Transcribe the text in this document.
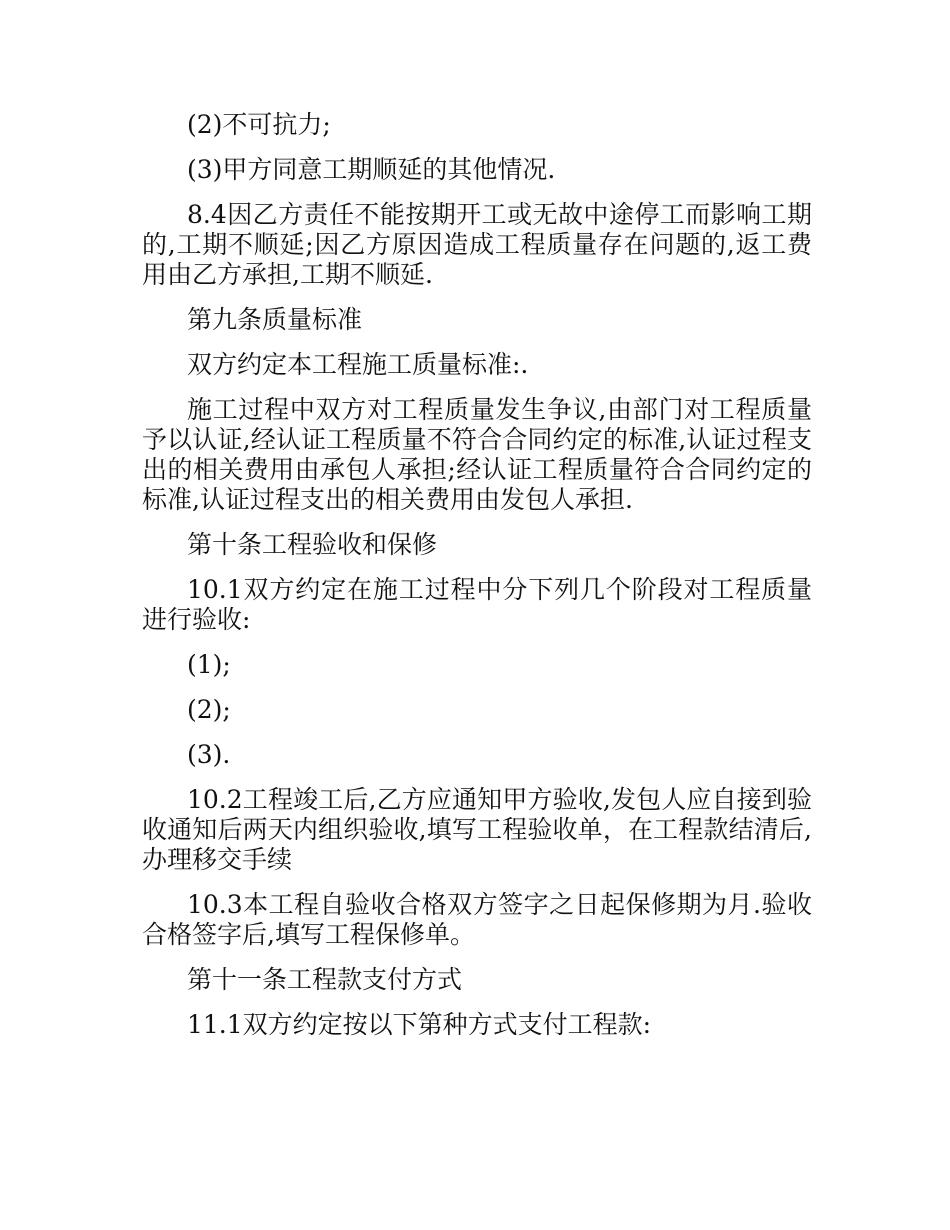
(2)不可抗力;

(3)甲方同意工期顺延的其他情况.

8.4因乙方责任不能按期开工或无故中途停工而影响工期的,工期不顺延;因乙方原因造成工程质量存在问题的,返工费用由乙方承担,工期不顺延.

第九条质量标准

双方约定本工程施工质量标准:.

施工过程中双方对工程质量发生争议,由部门对工程质量予以认证,经认证工程质量不符合合同约定的标准,认证过程支出的相关费用由承包人承担;经认证工程质量符合合同约定的标准,认证过程支出的相关费用由发包人承担.

第十条工程验收和保修

10.1双方约定在施工过程中分下列几个阶段对工程质量进行验收:

(1);

(2);

(3).

10.2工程竣工后,乙方应通知甲方验收,发包人应自接到验收通知后两天内组织验收,填写工程验收单，在工程款结清后,办理移交手续

10.3本工程自验收合格双方签字之日起保修期为月.验收合格签字后,填写工程保修单。

第十一条工程款支付方式

11.1双方约定按以下第种方式支付工程款:
